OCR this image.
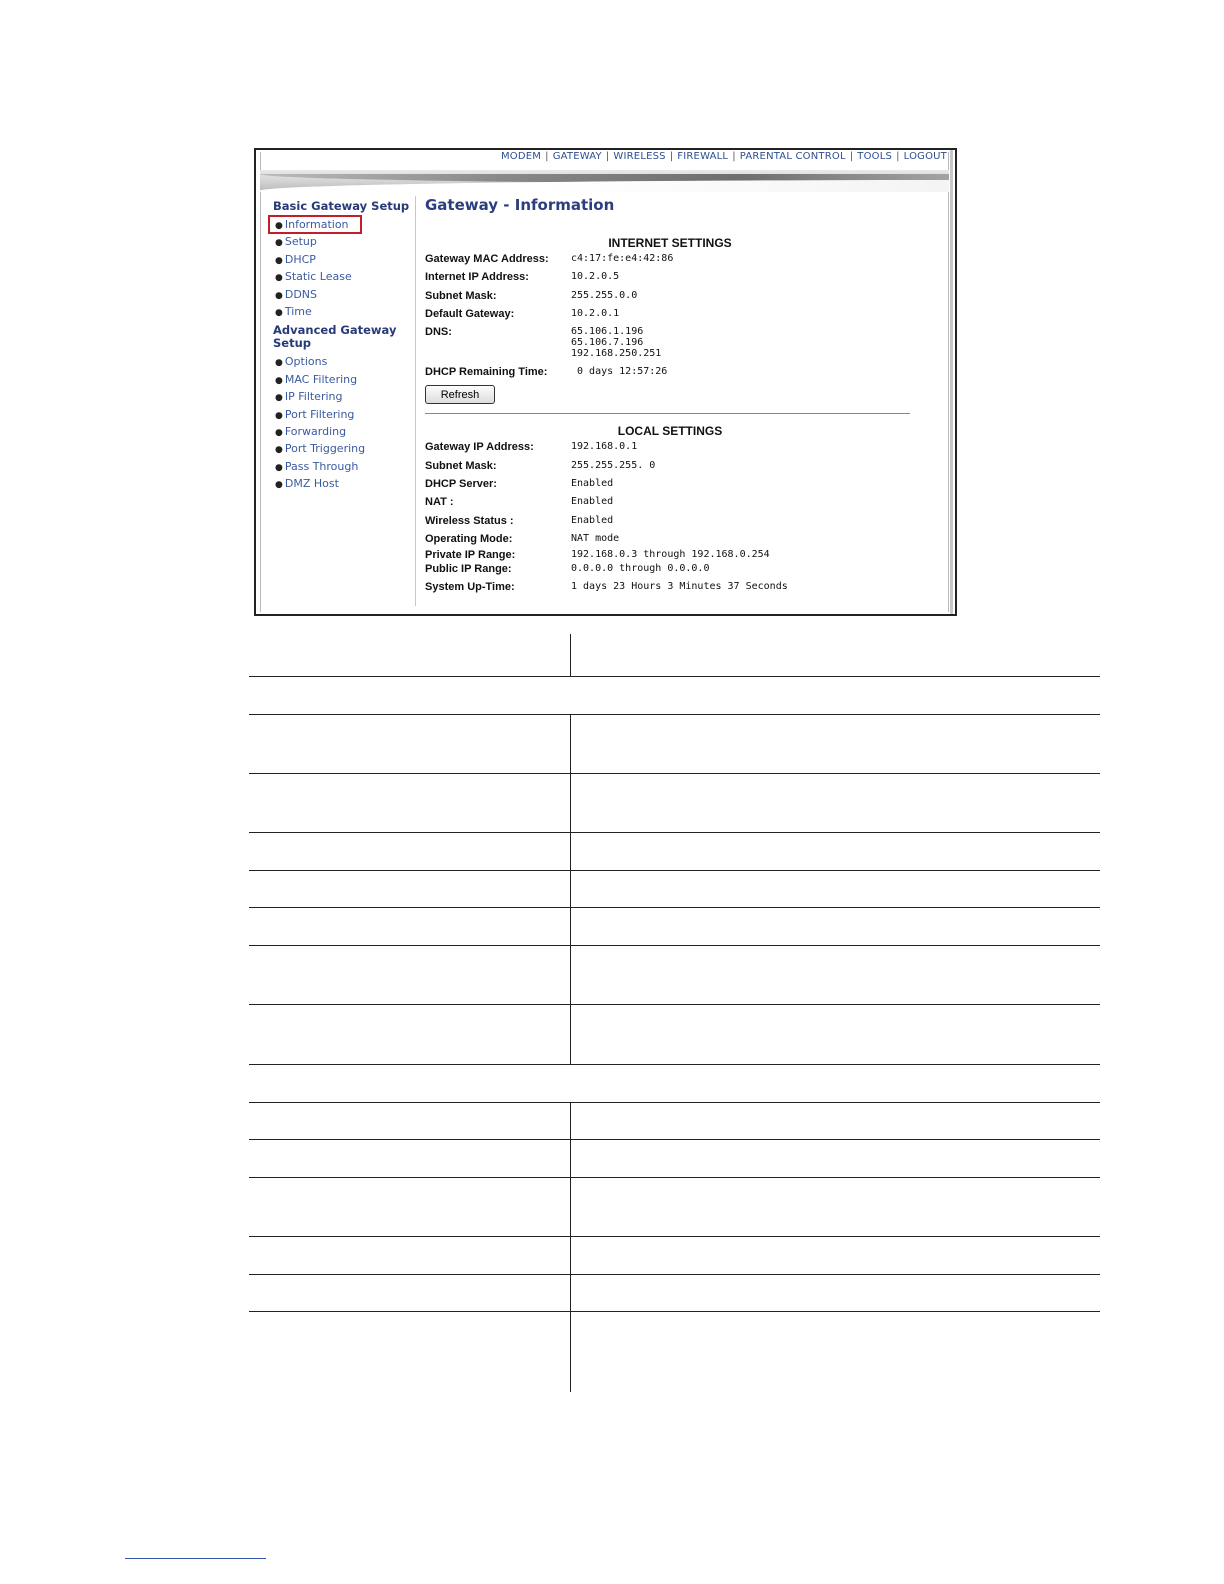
MODEM | GATEWAY | WIRELESS | FIREWALL | PARENTAL CONTROL | TOOLS | LOGOUT
Basic Gateway Setup
● Information
● Setup
● DHCP
● Static Lease
● DDNS
● Time
Advanced Gateway
Setup
● Options
● MAC Filtering
● IP Filtering
● Port Filtering
● Forwarding
● Port Triggering
● Pass Through
● DMZ Host
Gateway - Information
INTERNET SETTINGS
Gateway MAC Address: c4:17:fe:e4:42:86
Internet IP Address:	10.2.0.5
Subnet Mask:	255.255.0.0
Default Gateway:	10.2.0.1
DNS:	65.106.1.196
65.106.7.196
192.168.250.251
DHCP Remaining Time: 0 days 12:57:26
Refresh
LOCAL SETTINGS
Gateway IP Address:	192.168.0.1
Subnet Mask:	255.255.255. 0
DHCP Server:	Enabled
NAT :	Enabled
Wireless Status :	Enabled
Operating Mode:	NAT mode
Private IP Range:	192.168.0.3 through 192.168.0.254
Public IP Range:	0.0.0.0 through 0.0.0.0
System Up-Time:	1 days 23 Hours 3 Minutes 37 Seconds
